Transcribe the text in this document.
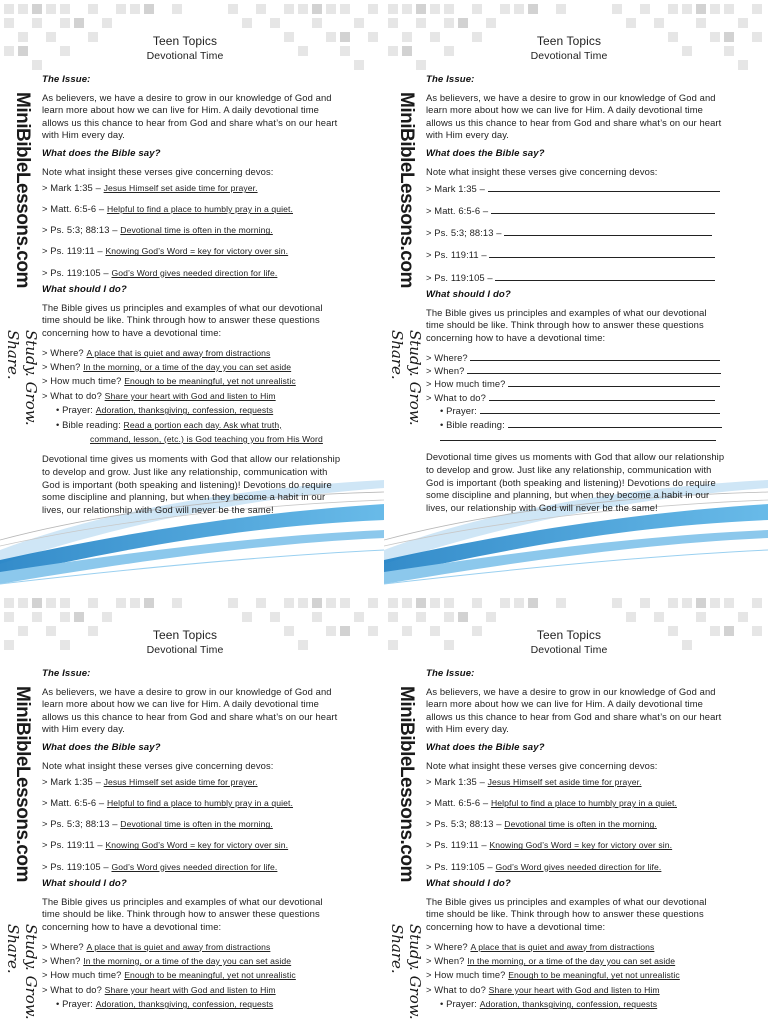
MiniBibleLessons.com
Study. Grow. Share.
Teen Topics
Devotional Time
The Issue:
As believers, we have a desire to grow in our knowledge of God and learn more about how we can live for Him. A daily devotional time allows us this chance to hear from God and share what’s on our heart with Him every day.
What does the Bible say?
Note what insight these verses give concerning devos:
> Mark 1:35 – Jesus Himself set aside time for prayer.
> Matt. 6:5-6 – Helpful to find a place to humbly pray in a quiet.
> Ps. 5:3; 88:13 – Devotional time is often in the morning.
> Ps. 119:11 – Knowing God’s Word = key for victory over sin.
> Ps. 119:105 – God’s Word gives needed direction for life.
What should I do?
The Bible gives us principles and examples of what our devotional time should be like. Think through how to answer these questions concerning how to have a devotional time:
> Where? A place that is quiet and away from distractions
> When? In the morning, or a time of the day you can set aside
> How much time? Enough to be meaningful, yet not unrealistic
> What to do? Share your heart with God and listen to Him
• Prayer: Adoration, thanksgiving, confession, requests
• Bible reading: Read a portion each day. Ask what truth,
command, lesson, (etc.) is God teaching you from His Word
Devotional time gives us moments with God that allow our relationship to develop and grow. Just like any relationship, communication with God is important (both speaking and listening)! Devotions do require some discipline and planning, but when they become a habit in our lives, our relationship with God will never be the same!
MiniBibleLessons.com
Study. Grow. Share.
Teen Topics
Devotional Time
The Issue:
As believers, we have a desire to grow in our knowledge of God and learn more about how we can live for Him. A daily devotional time allows us this chance to hear from God and share what’s on our heart with Him every day.
What does the Bible say?
Note what insight these verses give concerning devos:
> Mark 1:35 –
> Matt. 6:5-6 –
> Ps. 5:3; 88:13 –
> Ps. 119:11 –
> Ps. 119:105 –
What should I do?
The Bible gives us principles and examples of what our devotional time should be like. Think through how to answer these questions concerning how to have a devotional time:
> Where?
> When?
> How much time?
> What to do?
• Prayer:
• Bible reading:
Devotional time gives us moments with God that allow our relationship to develop and grow. Just like any relationship, communication with God is important (both speaking and listening)! Devotions do require some discipline and planning, but when they become a habit in our lives, our relationship with God will never be the same!
MiniBibleLessons.com
Study. Grow. Share.
Teen Topics
Devotional Time
The Issue:
As believers, we have a desire to grow in our knowledge of God and learn more about how we can live for Him. A daily devotional time allows us this chance to hear from God and share what’s on our heart with Him every day.
What does the Bible say?
Note what insight these verses give concerning devos:
> Mark 1:35 – Jesus Himself set aside time for prayer.
> Matt. 6:5-6 – Helpful to find a place to humbly pray in a quiet.
> Ps. 5:3; 88:13 – Devotional time is often in the morning.
> Ps. 119:11 – Knowing God’s Word = key for victory over sin.
> Ps. 119:105 – God’s Word gives needed direction for life.
What should I do?
The Bible gives us principles and examples of what our devotional time should be like. Think through how to answer these questions concerning how to have a devotional time:
> Where? A place that is quiet and away from distractions
> When? In the morning, or a time of the day you can set aside
> How much time? Enough to be meaningful, yet not unrealistic
> What to do? Share your heart with God and listen to Him
• Prayer: Adoration, thanksgiving, confession, requests
MiniBibleLessons.com
Study. Grow. Share.
Teen Topics
Devotional Time
The Issue:
As believers, we have a desire to grow in our knowledge of God and learn more about how we can live for Him. A daily devotional time allows us this chance to hear from God and share what’s on our heart with Him every day.
What does the Bible say?
Note what insight these verses give concerning devos:
> Mark 1:35 – Jesus Himself set aside time for prayer.
> Matt. 6:5-6 – Helpful to find a place to humbly pray in a quiet.
> Ps. 5:3; 88:13 – Devotional time is often in the morning.
> Ps. 119:11 – Knowing God’s Word = key for victory over sin.
> Ps. 119:105 – God’s Word gives needed direction for life.
What should I do?
The Bible gives us principles and examples of what our devotional time should be like. Think through how to answer these questions concerning how to have a devotional time:
> Where? A place that is quiet and away from distractions
> When? In the morning, or a time of the day you can set aside
> How much time? Enough to be meaningful, yet not unrealistic
> What to do? Share your heart with God and listen to Him
• Prayer: Adoration, thanksgiving, confession, requests
